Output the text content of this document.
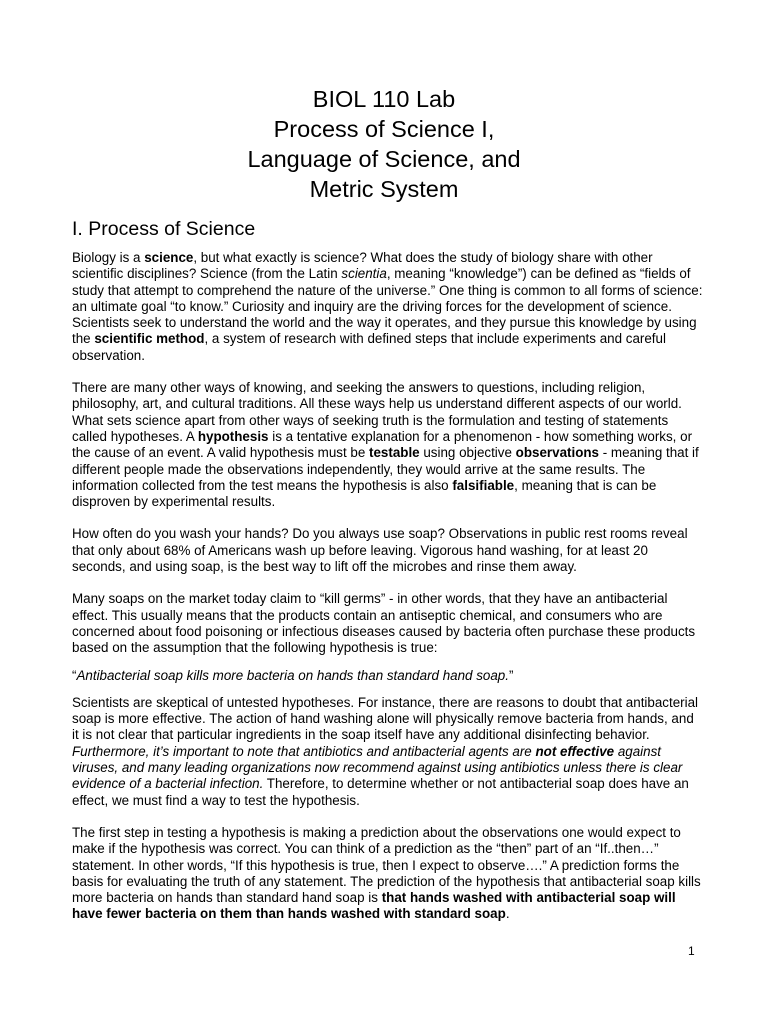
BIOL 110 Lab
Process of Science I,
Language of Science, and
Metric System
I. Process of Science

Biology is a science, but what exactly is science? What does the study of biology share with other scientific disciplines? Science (from the Latin scientia, meaning “knowledge”) can be defined as “fields of study that attempt to comprehend the nature of the universe.” One thing is common to all forms of science: an ultimate goal “to know.” Curiosity and inquiry are the driving forces for the development of science. Scientists seek to understand the world and the way it operates, and they pursue this knowledge by using the scientific method, a system of research with defined steps that include experiments and careful observation.

There are many other ways of knowing, and seeking the answers to questions, including religion, philosophy, art, and cultural traditions. All these ways help us understand different aspects of our world. What sets science apart from other ways of seeking truth is the formulation and testing of statements called hypotheses. A hypothesis is a tentative explanation for a phenomenon - how something works, or the cause of an event. A valid hypothesis must be testable using objective observations - meaning that if different people made the observations independently, they would arrive at the same results. The information collected from the test means the hypothesis is also falsifiable, meaning that is can be disproven by experimental results.

How often do you wash your hands? Do you always use soap? Observations in public rest rooms reveal that only about 68% of Americans wash up before leaving. Vigorous hand washing, for at least 20 seconds, and using soap, is the best way to lift off the microbes and rinse them away.

Many soaps on the market today claim to “kill germs” - in other words, that they have an antibacterial effect. This usually means that the products contain an antiseptic chemical, and consumers who are concerned about food poisoning or infectious diseases caused by bacteria often purchase these products based on the assumption that the following hypothesis is true:

“Antibacterial soap kills more bacteria on hands than standard hand soap.”

Scientists are skeptical of untested hypotheses. For instance, there are reasons to doubt that antibacterial soap is more effective. The action of hand washing alone will physically remove bacteria from hands, and it is not clear that particular ingredients in the soap itself have any additional disinfecting behavior. Furthermore, it’s important to note that antibiotics and antibacterial agents are not effective against viruses, and many leading organizations now recommend against using antibiotics unless there is clear evidence of a bacterial infection. Therefore, to determine whether or not antibacterial soap does have an effect, we must find a way to test the hypothesis.

The first step in testing a hypothesis is making a prediction about the observations one would expect to make if the hypothesis was correct. You can think of a prediction as the “then” part of an “If..then…” statement. In other words, “If this hypothesis is true, then I expect to observe….” A prediction forms the basis for evaluating the truth of any statement. The prediction of the hypothesis that antibacterial soap kills more bacteria on hands than standard hand soap is that hands washed with antibacterial soap will have fewer bacteria on them than hands washed with standard soap.

1
